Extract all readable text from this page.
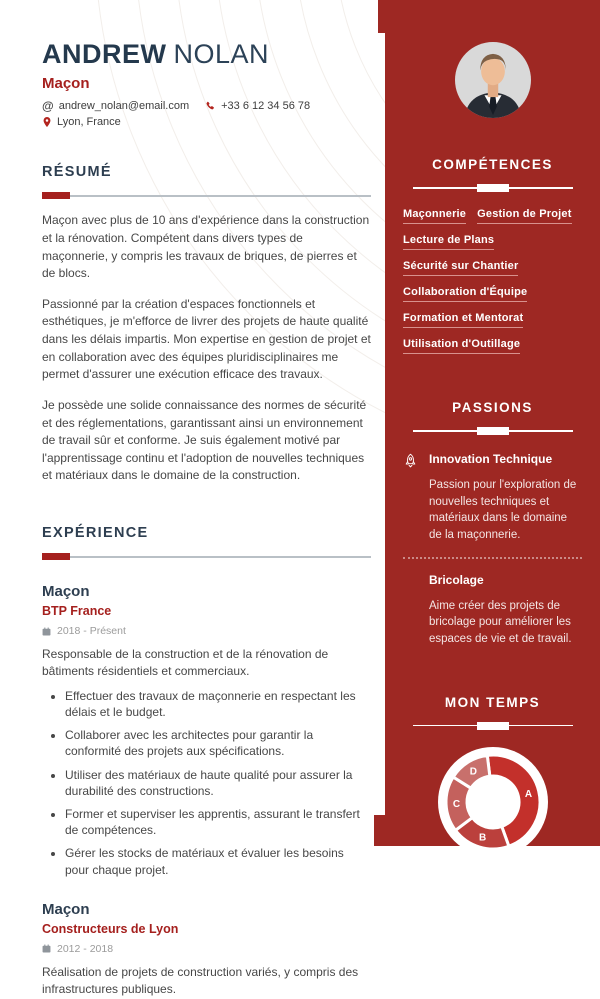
ANDREW NOLAN
Maçon
@ andrew_nolan@email.com	+33 6 12 34 56 78
Lyon, France
RÉSUMÉ

Maçon avec plus de 10 ans d'expérience dans la construction et la rénovation. Compétent dans divers types de maçonnerie, y compris les travaux de briques, de pierres et de blocs.

Passionné par la création d'espaces fonctionnels et esthétiques, je m'efforce de livrer des projets de haute qualité dans les délais impartis. Mon expertise en gestion de projet et en collaboration avec des équipes pluridisciplinaires me permet d'assurer une exécution efficace des travaux.

Je possède une solide connaissance des normes de sécurité et des réglementations, garantissant ainsi un environnement de travail sûr et conforme. Je suis également motivé par l'apprentissage continu et l'adoption de nouvelles techniques et matériaux dans le domaine de la construction.

EXPÉRIENCE
Maçon
BTP France
2018 - Présent
Responsable de la construction et de la rénovation de bâtiments résidentiels et commerciaux.
• Effectuer des travaux de maçonnerie en respectant les délais et le budget.
• Collaborer avec les architectes pour garantir la conformité des projets aux spécifications.
• Utiliser des matériaux de haute qualité pour assurer la durabilité des constructions.
• Former et superviser les apprentis, assurant le transfert de compétences.
• Gérer les stocks de matériaux et évaluer les besoins pour chaque projet.
Maçon
Constructeurs de Lyon
2012 - 2018
Réalisation de projets de construction variés, y compris des infrastructures publiques.
COMPÉTENCES
Maçonnerie Gestion de Projet
Lecture de Plans
Sécurité sur Chantier
Collaboration d'Équipe
Formation et Mentorat
Utilisation d'Outillage
PASSIONS
Innovation Technique
Passion pour l'exploration de nouvelles techniques et matériaux dans le domaine de la maçonnerie.
Bricolage
Aime créer des projets de bricolage pour améliorer les espaces de vie et de travail.
MON TEMPS
A
B
C
D
